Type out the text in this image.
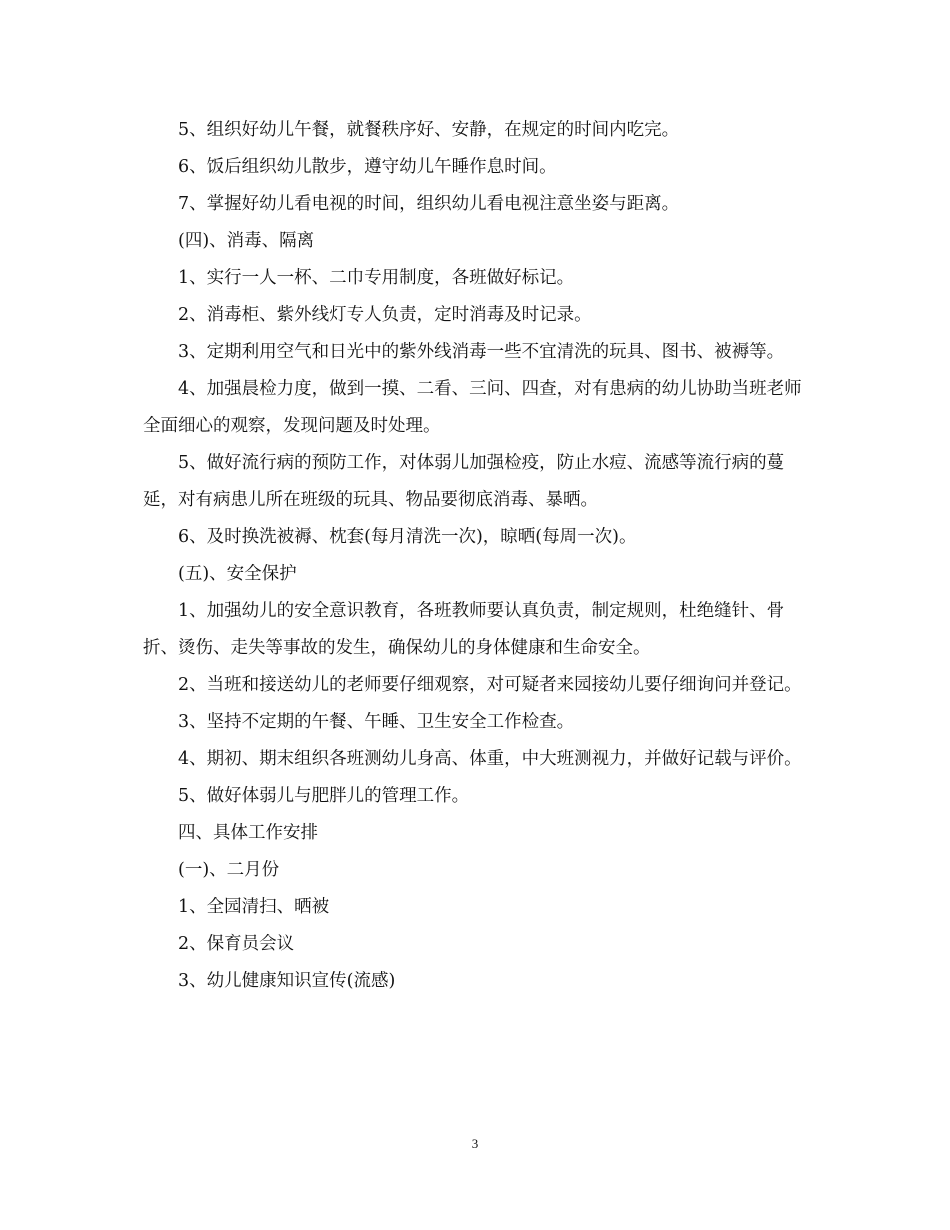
5、组织好幼儿午餐，就餐秩序好、安静，在规定的时间内吃完。

6、饭后组织幼儿散步，遵守幼儿午睡作息时间。

7、掌握好幼儿看电视的时间，组织幼儿看电视注意坐姿与距离。

(四)、消毒、隔离

1、实行一人一杯、二巾专用制度，各班做好标记。

2、消毒柜、紫外线灯专人负责，定时消毒及时记录。

3、定期利用空气和日光中的紫外线消毒一些不宜清洗的玩具、图书、被褥等。

4、加强晨检力度，做到一摸、二看、三问、四查，对有患病的幼儿协助当班老师全面细心的观察，发现问题及时处理。

5、做好流行病的预防工作，对体弱儿加强检疫，防止水痘、流感等流行病的蔓延，对有病患儿所在班级的玩具、物品要彻底消毒、暴晒。

6、及时换洗被褥、枕套(每月清洗一次)，晾晒(每周一次)。

(五)、安全保护

1、加强幼儿的安全意识教育，各班教师要认真负责，制定规则，杜绝缝针、骨折、烫伤、走失等事故的发生，确保幼儿的身体健康和生命安全。

2、当班和接送幼儿的老师要仔细观察，对可疑者来园接幼儿要仔细询问并登记。

3、坚持不定期的午餐、午睡、卫生安全工作检查。

4、期初、期末组织各班测幼儿身高、体重，中大班测视力，并做好记载与评价。

5、做好体弱儿与肥胖儿的管理工作。

四、具体工作安排

(一)、二月份

1、全园清扫、晒被

2、保育员会议

3、幼儿健康知识宣传(流感)

3
